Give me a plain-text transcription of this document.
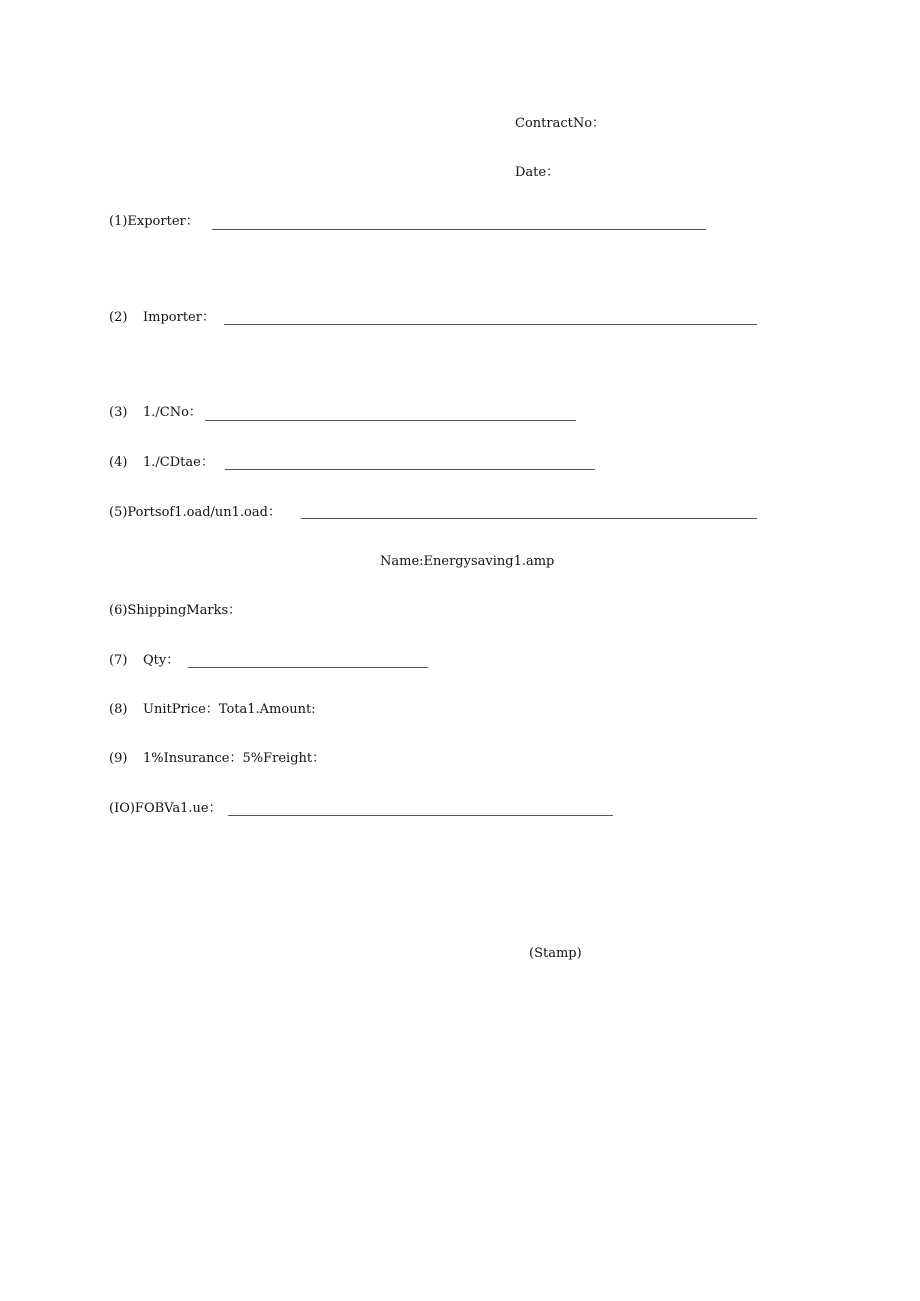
ContractNo：
Date：
(1)Exporter：
(2) Importer：
(3) 1./CNo：
(4) 1./CDtae：
(5)Portsof1.oad/un1.oad：
Name:Energysaving1.amp
(6)ShippingMarks：
(7) Qty：
(8) UnitPrice：Tota1.Amount:
(9) 1%Insurance：5%Freight：
(IO)FOBVa1.ue：
(Stamp)
